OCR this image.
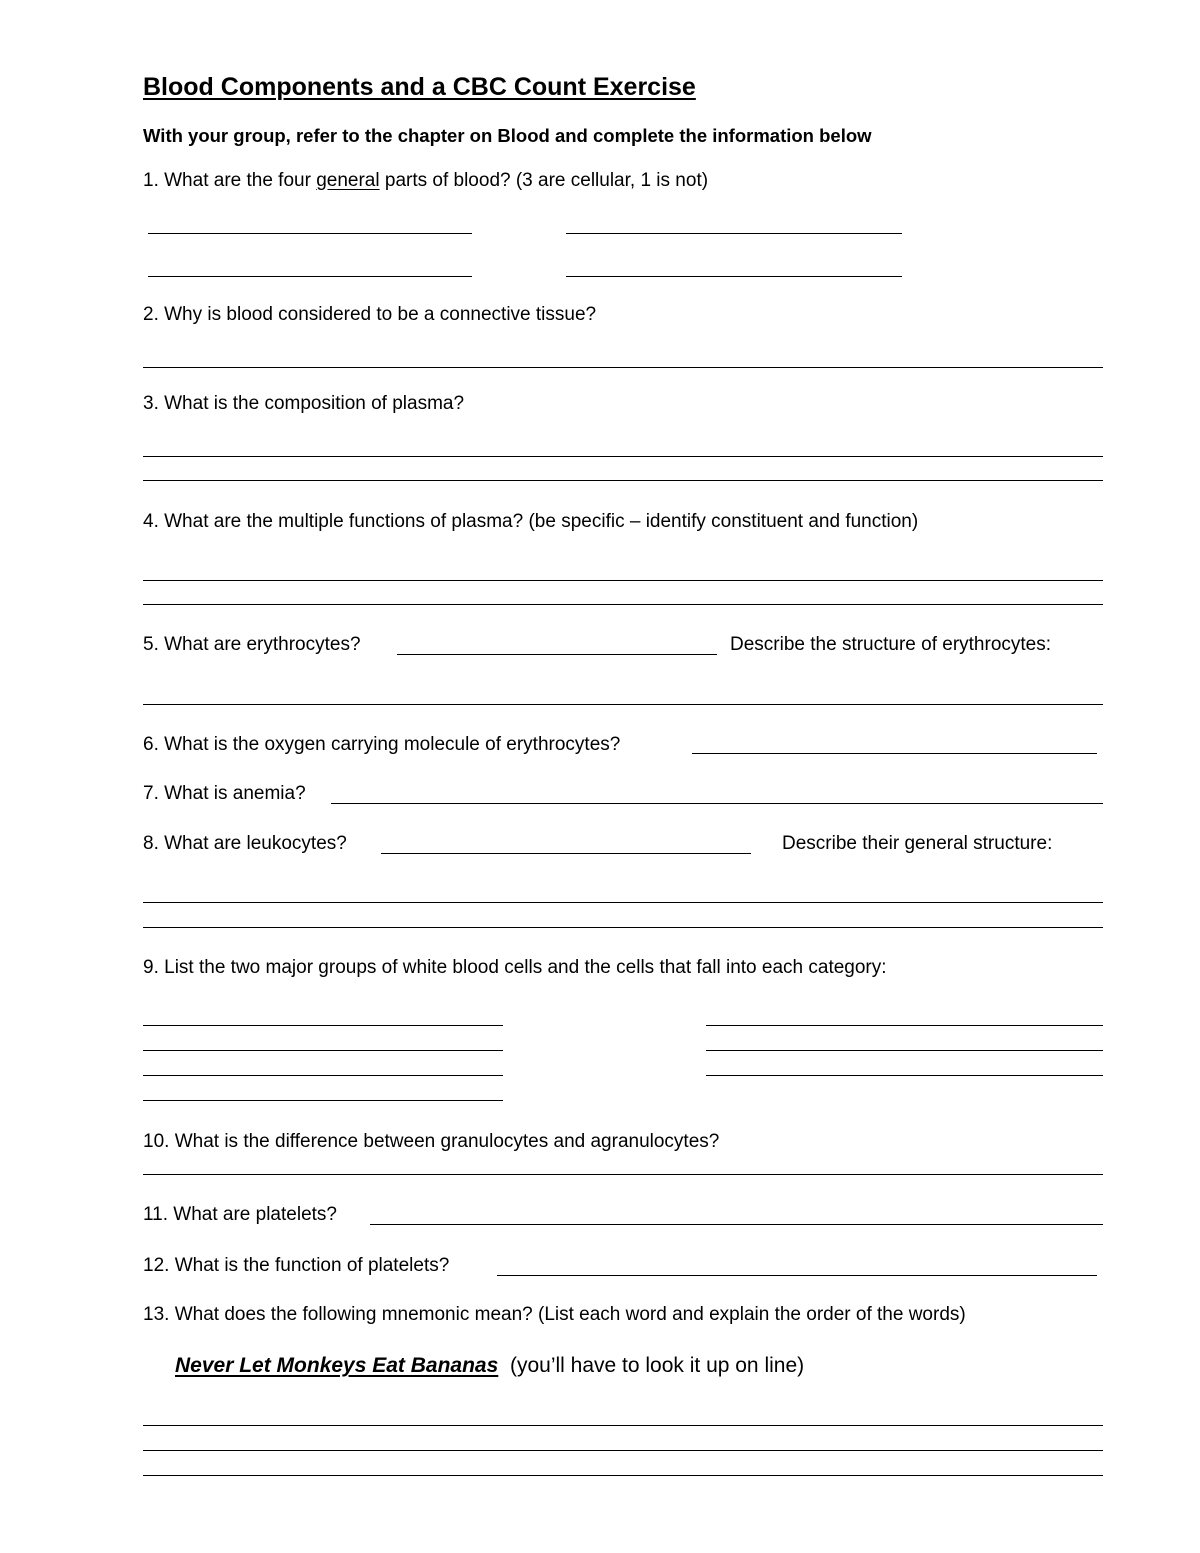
Blood Components and a CBC Count Exercise
With your group, refer to the chapter on Blood and complete the information below
1. What are the four general parts of blood? (3 are cellular, 1 is not)
2. Why is blood considered to be a connective tissue?
3. What is the composition of plasma?
4. What are the multiple functions of plasma? (be specific – identify constituent and function)
5. What are erythrocytes?	Describe the structure of erythrocytes:
6. What is the oxygen carrying molecule of erythrocytes?
7. What is anemia?
8. What are leukocytes?	Describe their general structure:
9. List the two major groups of white blood cells and the cells that fall into each category:
10. What is the difference between granulocytes and agranulocytes?
11. What are platelets?
12. What is the function of platelets?
13. What does the following mnemonic mean? (List each word and explain the order of the words)
Never Let Monkeys Eat Bananas (you’ll have to look it up on line)
